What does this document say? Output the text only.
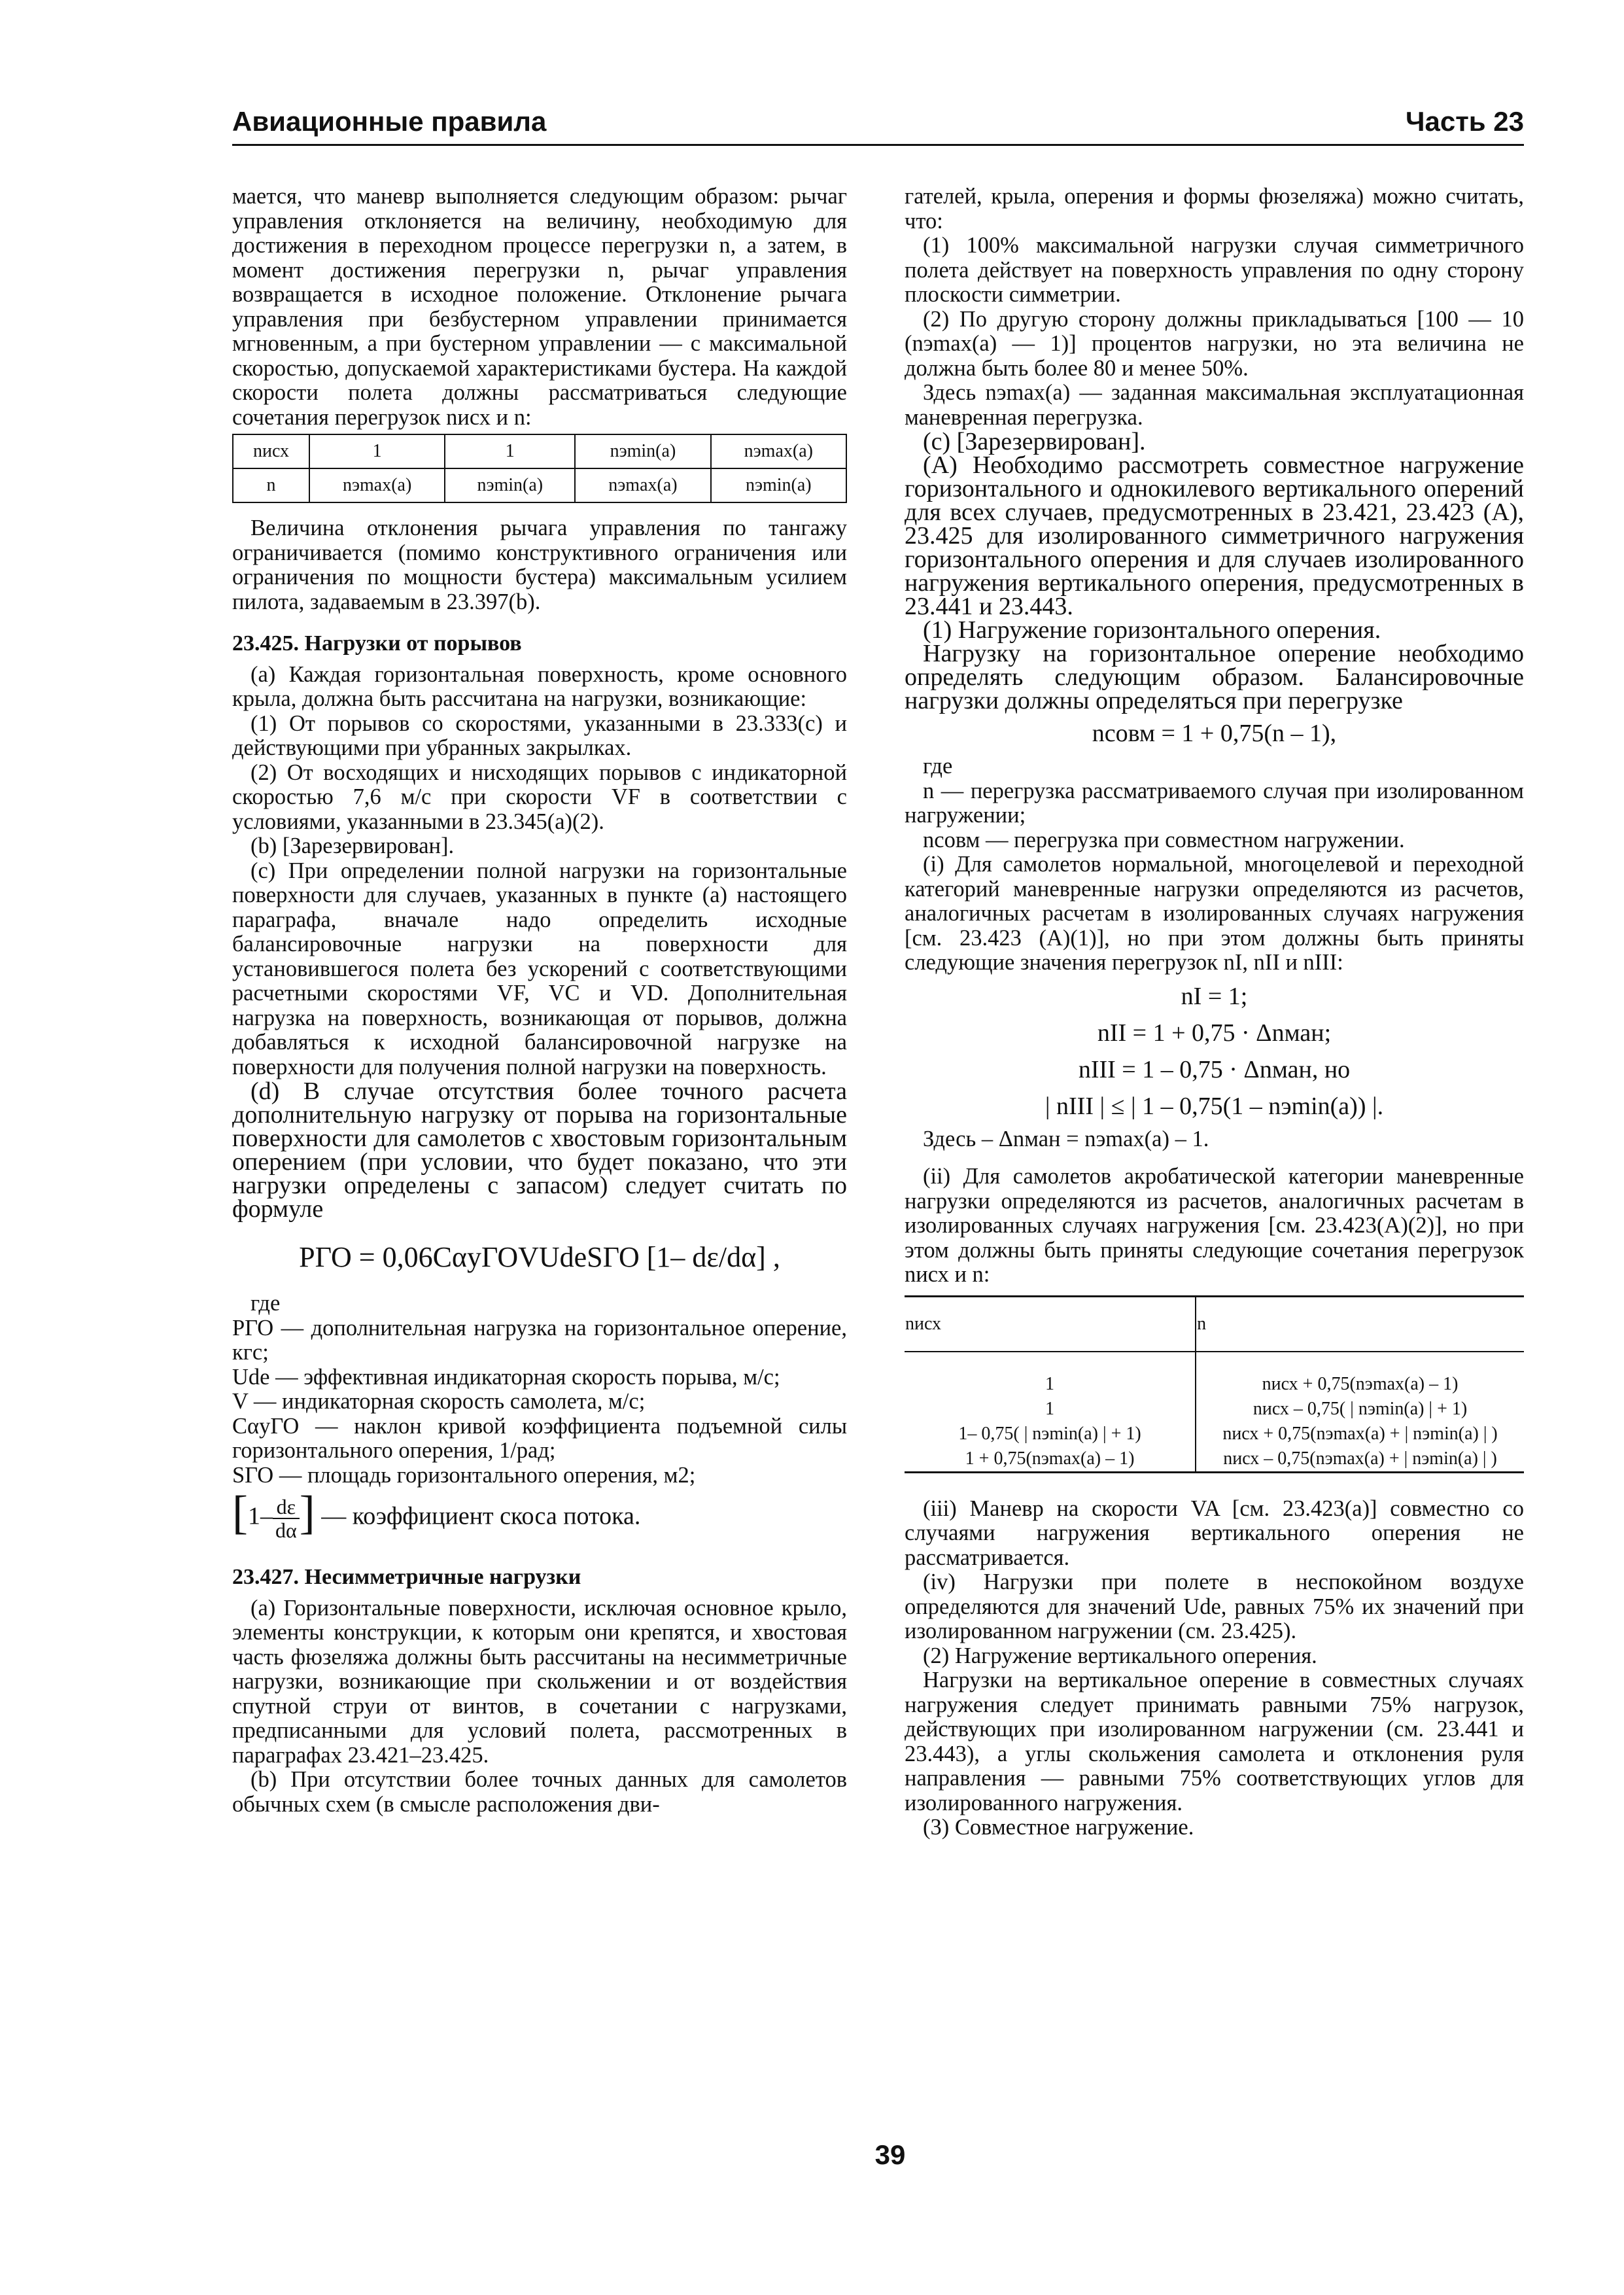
Авиационные правила	Часть 23

мается, что маневр выполняется следующим образом: рычаг управления отклоняется на величину, необходимую для достижения в переходном процессе перегрузки n, а затем, в момент достижения перегрузки n, рычаг управления возвращается в исходное положение. Отклонение рычага управления при безбустерном управлении принимается мгновенным, а при бустерном управлении — с максимальной скоростью, допускаемой характеристиками бустера. На каждой скорости полета должны рассматриваться следующие сочетания перегрузок nисх и n:

nисх	1	1	nэmin(a)	nэmax(a)
n	nэmax(a)	nэmin(a)	nэmax(a)	nэmin(a)

Величина отклонения рычага управления по тангажу ограничивается (помимо конструктивного ограничения или ограничения по мощности бустера) максимальным усилием пилота, задаваемым в 23.397(b).

23.425. Нагрузки от порывов

(a) Каждая горизонтальная поверхность, кроме основного крыла, должна быть рассчитана на нагрузки, возникающие:

(1) От порывов со скоростями, указанными в 23.333(c) и действующими при убранных закрылках.

(2) От восходящих и нисходящих порывов с индикаторной скоростью 7,6 м/с при скорости VF в соответствии с условиями, указанными в 23.345(a)(2).

(b) [Зарезервирован].

(c) При определении полной нагрузки на горизонтальные поверхности для случаев, указанных в пункте (a) настоящего параграфа, вначале надо определить исходные балансировочные нагрузки на поверхности для установившегося полета без ускорений с соответствующими расчетными скоростями VF, VC и VD. Дополнительная нагрузка на поверхность, возникающая от порывов, должна добавляться к исходной балансировочной нагрузке на поверхности для получения полной нагрузки на поверхность.

(d) В случае отсутствия более точного расчета дополнительную нагрузку от порыва на горизонтальные поверхности для самолетов с хвостовым горизонтальным оперением (при условии, что будет показано, что эти нагрузки определены с запасом) следует считать по формуле

PГО = 0,06CαуГОVUdeSГО [1– dε/dα] ,

где

PГО — дополнительная нагрузка на горизонтальное оперение, кгс;

Ude — эффективная индикаторная скорость порыва, м/с;

V — индикаторная скорость самолета, м/с;

CαуГО — наклон кривой коэффициента подъемной силы горизонтального оперения, 1/рад;

SГО — площадь горизонтального оперения, м2;

[$1- \frac{d\varepsilon}{d\alpha}$ ] — коэффициент скоса потока.

23.427. Несимметричные нагрузки

(a) Горизонтальные поверхности, исключая основное крыло, элементы конструкции, к которым они крепятся, и хвостовая часть фюзеляжа должны быть рассчитаны на несимметричные нагрузки, возникающие при скольжении и от воздействия спутной струи от винтов, в сочетании с нагрузками, предписанными для условий полета, рассмотренных в параграфах 23.421–23.425.

(b) При отсутствии более точных данных для самолетов обычных схем (в смысле расположения дви-

гателей, крыла, оперения и формы фюзеляжа) можно считать, что:

(1) 100% максимальной нагрузки случая симметричного полета действует на поверхность управления по одну сторону плоскости симметрии.

(2) По другую сторону должны прикладываться [100 — 10 (nэmax(a) — 1)] процентов нагрузки, но эта величина не должна быть более 80 и менее 50%.

Здесь nэmax(a) — заданная максимальная эксплуатационная маневренная перегрузка.

(c) [Зарезервирован].

(A) Необходимо рассмотреть совместное нагружение горизонтального и однокилевого вертикального оперений для всех случаев, предусмотренных в 23.421, 23.423 (A), 23.425 для изолированного симметричного нагружения горизонтального оперения и для случаев изолированного нагружения вертикального оперения, предусмотренных в 23.441 и 23.443.

(1) Нагружение горизонтального оперения.

Нагрузку на горизонтальное оперение необходимо определять следующим образом. Балансировочные нагрузки должны определяться при перегрузке

nсовм = 1 + 0,75(n – 1),

где

n — перегрузка рассматриваемого случая при изолированном нагружении;

nсовм — перегрузка при совместном нагружении.

(i) Для самолетов нормальной, многоцелевой и переходной категорий маневренные нагрузки определяются из расчетов, аналогичных расчетам в изолированных случаях нагружения [см. 23.423 (A)(1)], но при этом должны быть приняты следующие значения перегрузок nI, nII и nIII:

nI = 1;

nII = 1 + 0,75 · Δnман;

nIII = 1 – 0,75 · Δnман, но

| nIII | ≤ | 1 – 0,75(1 – nэmin(a)) |.

Здесь – Δnман = nэmax(a) – 1.

(ii) Для самолетов акробатической категории маневренные нагрузки определяются из расчетов, аналогичных расчетам в изолированных случаях нагружения [см. 23.423(A)(2)], но при этом должны быть приняты следующие сочетания перегрузок nисх и n:

nисх	n
1	nисх + 0,75(nэmax(a) – 1)
1	nисх – 0,75( | nэmin(a) | + 1)
1– 0,75( | nэmin(a) | + 1)	nисх + 0,75(nэmax(a) + | nэmin(a) | )
1 + 0,75(nэmax(a) – 1)	nисх – 0,75(nэmax(a) + | nэmin(a) | )

(iii) Маневр на скорости VA [см. 23.423(a)] совместно со случаями нагружения вертикального оперения не рассматривается.

(iv) Нагрузки при полете в неспокойном воздухе определяются для значений Ude, равных 75% их значений при изолированном нагружении (см. 23.425).

(2) Нагружение вертикального оперения.

Нагрузки на вертикальное оперение в совместных случаях нагружения следует принимать равными 75% нагрузок, действующих при изолированном нагружении (см. 23.441 и 23.443), а углы скольжения самолета и отклонения руля направления — равными 75% соответствующих углов для изолированного нагружения.

(3) Совместное нагружение.

39
